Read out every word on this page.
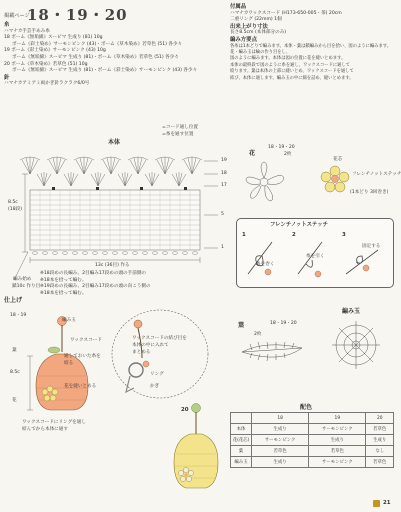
掲載ページ
18・19・20
糸
ハマナカ手芸手あみ糸
18 ボーム《無垢綿》スーピマ 生成り (81) 10g
ボーム《彩土染め》サーモンピンク (43)・ボーム《草木染め》若草色 (51) 各少々
19 ボーム《彩土染め》サーモンピンク (43) 10g
ボーム《無垢綿》スーピマ 生成り (81)・ボーム《草木染め》若草色 (51) 各少々
20 ボーム《草木染め》若草色 (51) 10g
ボーム《無垢綿》スーピマ 生成り (81)・ボーム《彩土染め》サーモンピンク (43) 各少々
針
ハマナカアミアミ両かぎ針ラクラク6/0号
付属品
ハマナカワックスコード (H173-650-005・茶) 20cm
二重リング (22mm) 1個
出来上がり寸法
長さ8.5cm (本体部分のみ)
編み方要点
各糸は1本どりで編みます。本体・葉は鎖編みから目を拾い、図のように編みます。花・編み玉は輪の作り目をし、
図のように編みます。本体は図の位置に花を縫いとめます。
本体の最終段で図のように糸を通し、ワックスコードに通して
絞ります。葉は本体の上部に縫いとめ、ワックスコードを通して
結び、本体に通します。編み玉の中に綿を詰め、縫いとめます。
本体
=コード通し位置
=糸を通す位置
19
18
17
5
1
8.5c (18段)
13c (36目) 作る
※18段めの長編み、2目編み17段めの頭の手前側の
※18本を拾って編む。
※19段めの長編み、2目編み17段めの頭の向こう側の
※18本を拾って編む。
編み始め
鎖10c 作り目
花
18・19・20
2枚
花芯
フレンチノットステッチ
(1本どり 3回巻き)
フレンチノットステッチ
1	2	3
糸を巻く
糸を引く
固定する
仕上げ
18・19
編み玉
ワックスコード
通しておいた糸を絞る
葉
花
花を縫いとめる
8.5c
ワックスコードにリングを通し
結んでから本体に通す
ワックスコードの結び目を
本体の中に入れて
まとめる
リング
かぎ
葉	18・19・20
2枚
編み玉
20	配色
	18	19	20
本体	生成り	サーモンピンク	若草色
花(花芯)	サーモンピンク	生成り	生成り
葉	若草色	若草色	なし
編み玉	生成り	サーモンピンク	若草色
21
